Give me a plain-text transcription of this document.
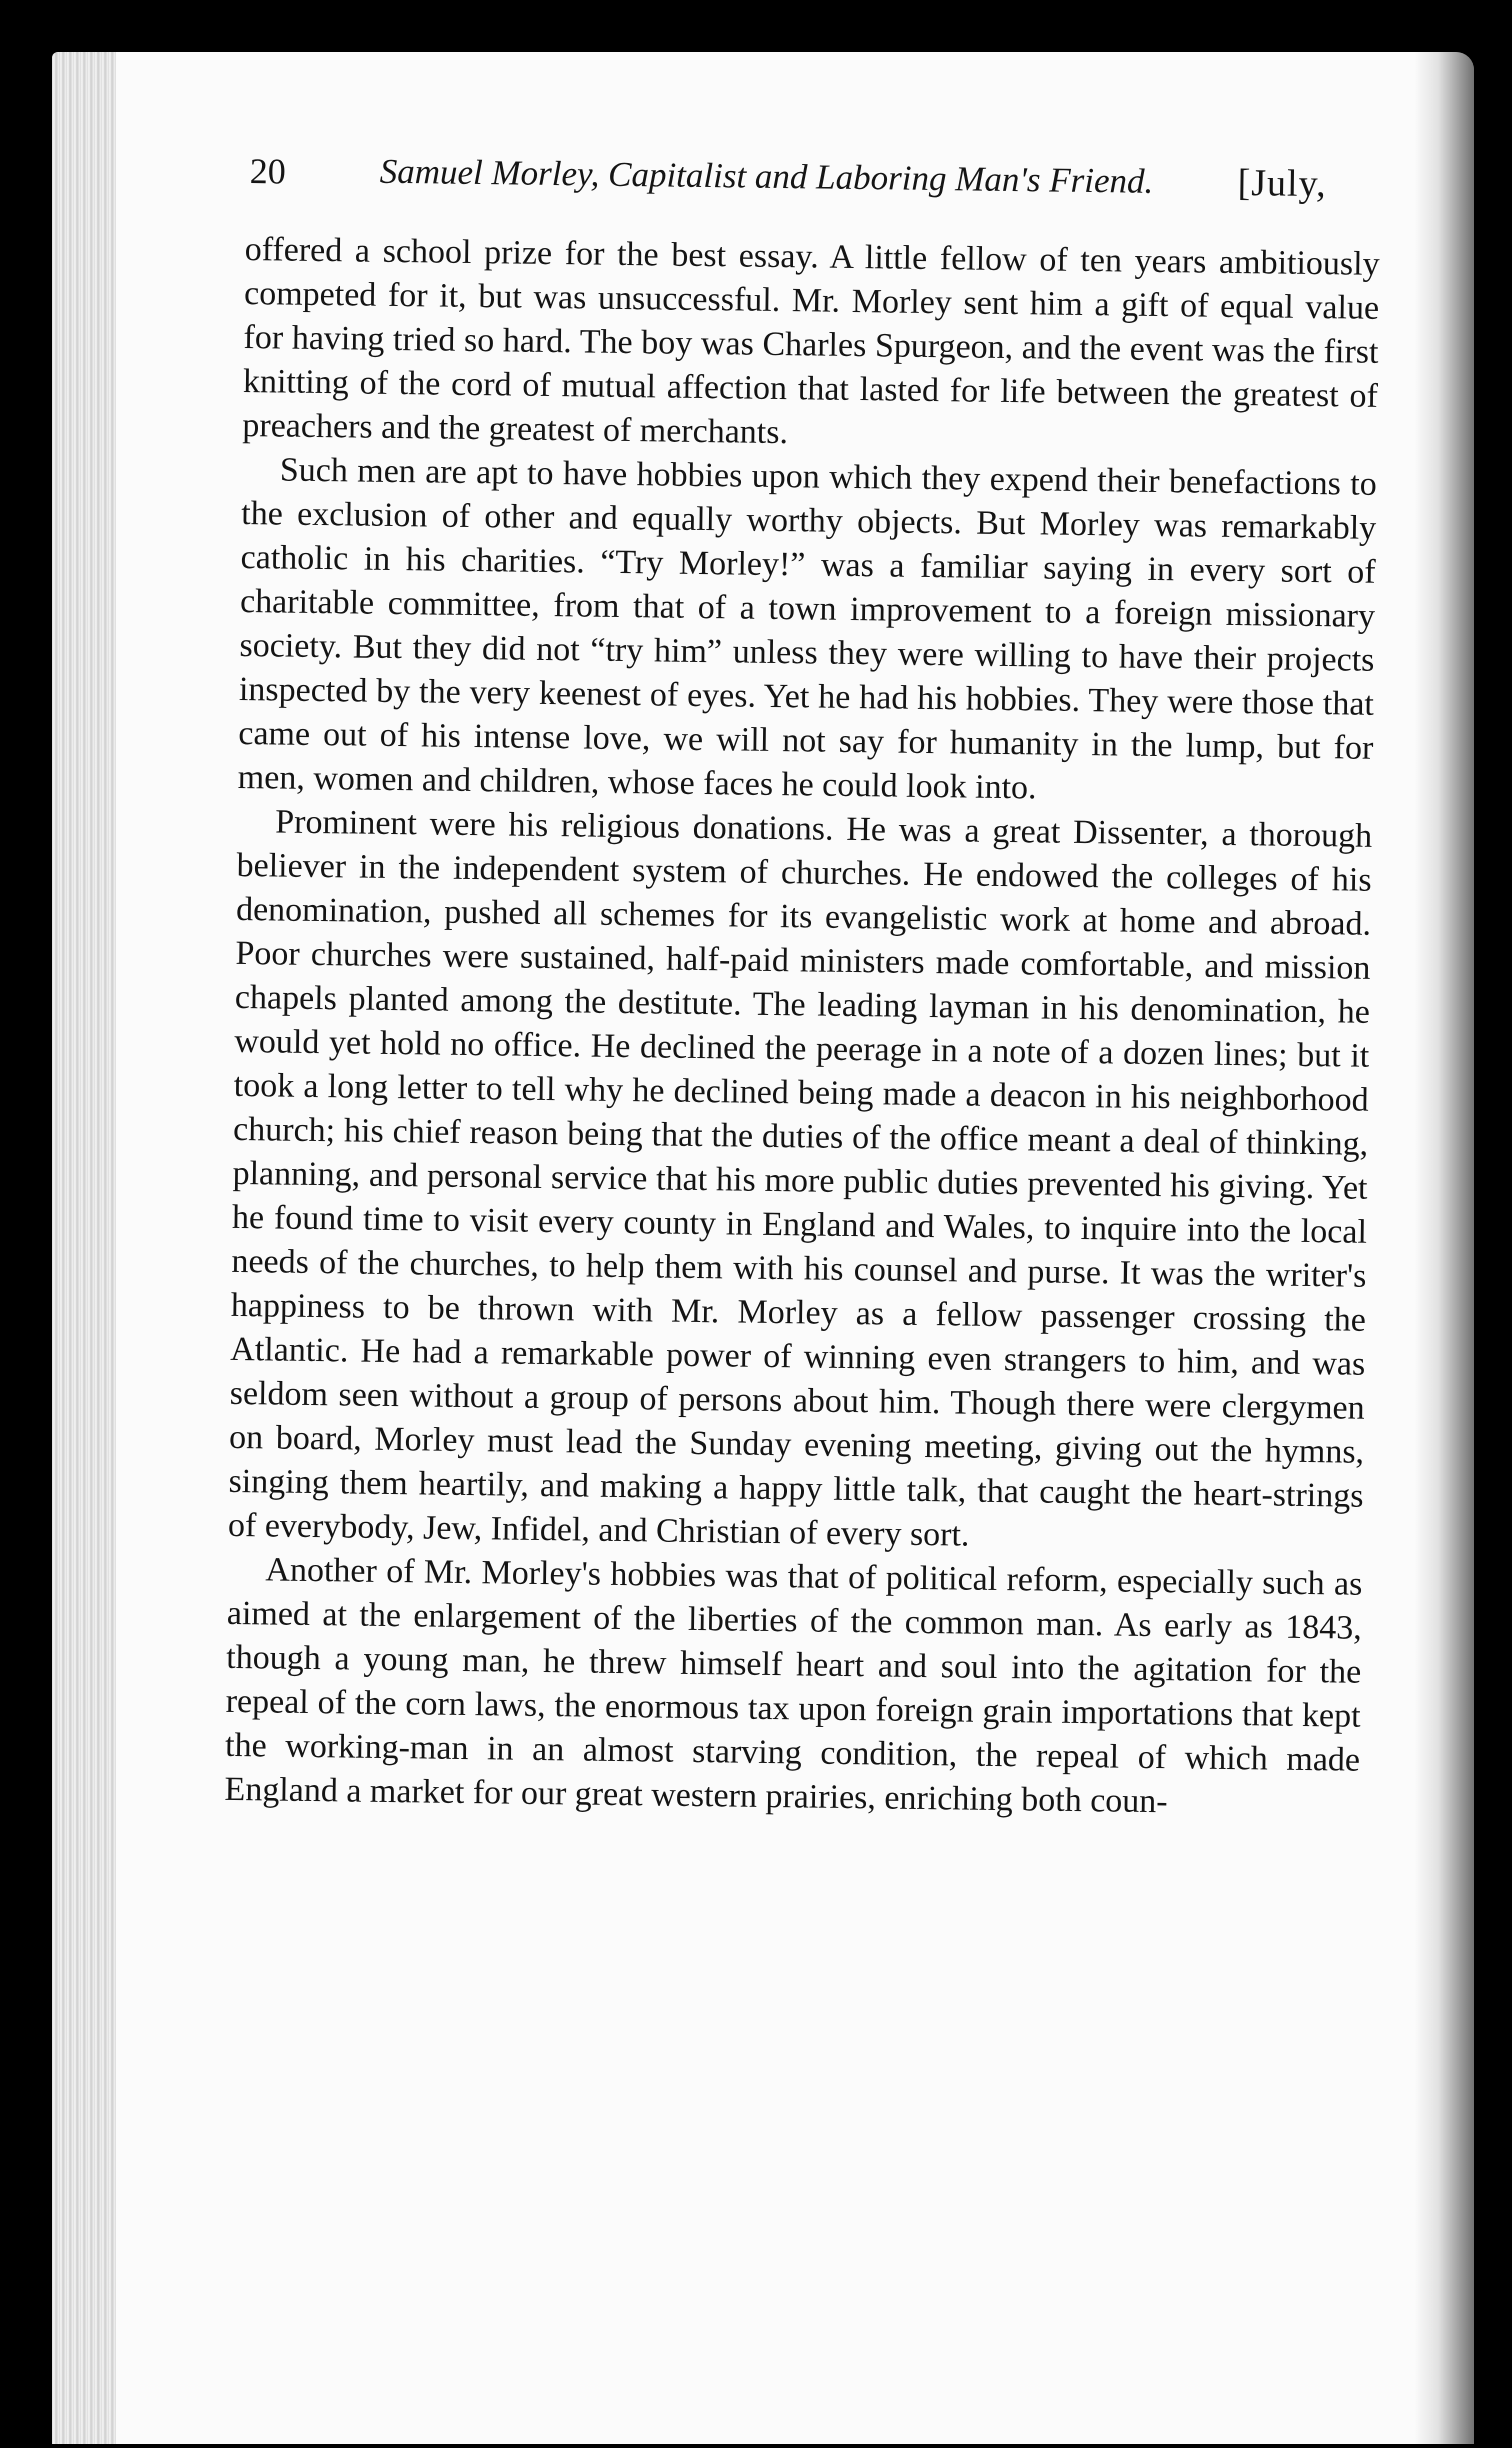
20	Samuel Morley, Capitalist and Laboring Man's Friend. [July,

offered a school prize for the best essay. A little fellow of ten years ambitiously competed for it, but was unsuccessful. Mr. Morley sent him a gift of equal value for having tried so hard. The boy was Charles Spurgeon, and the event was the first knitting of the cord of mutual affection that lasted for life between the greatest of preachers and the greatest of merchants.

Such men are apt to have hobbies upon which they expend their benefactions to the exclusion of other and equally worthy objects. But Morley was remarkably catholic in his charities. “Try Morley!” was a familiar saying in every sort of charitable committee, from that of a town improvement to a foreign missionary society. But they did not “try him” unless they were willing to have their projects inspected by the very keenest of eyes. Yet he had his hobbies. They were those that came out of his intense love, we will not say for humanity in the lump, but for men, women and children, whose faces he could look into.

Prominent were his religious donations. He was a great Dissenter, a thorough believer in the independent system of churches. He endowed the colleges of his denomination, pushed all schemes for its evangelistic work at home and abroad. Poor churches were sustained, half-paid ministers made comfortable, and mission chapels planted among the destitute. The leading layman in his denomination, he would yet hold no office. He declined the peerage in a note of a dozen lines; but it took a long letter to tell why he declined being made a deacon in his neighborhood church; his chief reason being that the duties of the office meant a deal of thinking, planning, and personal service that his more public duties prevented his giving. Yet he found time to visit every county in England and Wales, to inquire into the local needs of the churches, to help them with his counsel and purse. It was the writer's happiness to be thrown with Mr. Morley as a fellow passenger crossing the Atlantic. He had a remarkable power of winning even strangers to him, and was seldom seen without a group of persons about him. Though there were clergymen on board, Morley must lead the Sunday evening meeting, giving out the hymns, singing them heartily, and making a happy little talk, that caught the heart-strings of everybody, Jew, Infidel, and Christian of every sort.

Another of Mr. Morley's hobbies was that of political reform, especially such as aimed at the enlargement of the liberties of the common man. As early as 1843, though a young man, he threw himself heart and soul into the agitation for the repeal of the corn laws, the enormous tax upon foreign grain importations that kept the working-man in an almost starving condition, the repeal of which made England a market for our great western prairies, enriching both coun-
